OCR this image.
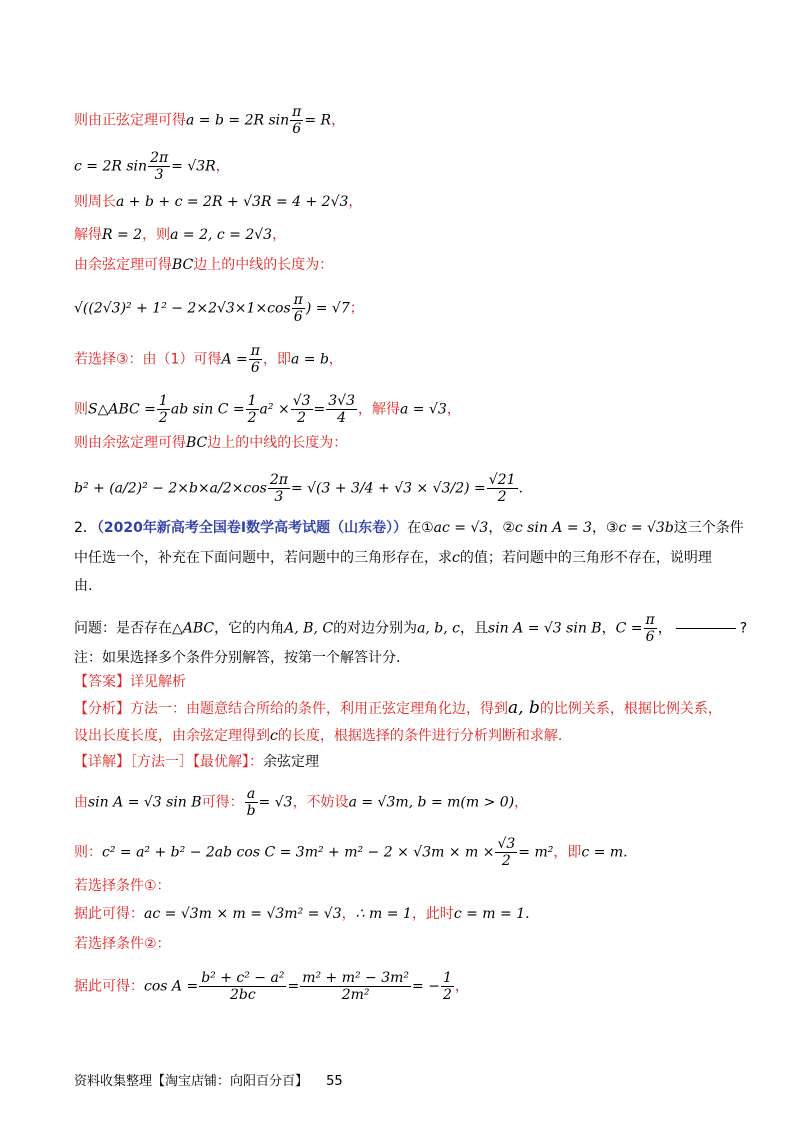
则由正弦定理可得a = b = 2R $\sin \frac{\pi}{6} = R$，
c = 2R $\sin \frac{2\pi}{3} = √3R$，
则周长a + b + c = 2R + √3R = 4 + 2√3，
解得R = 2，则a = 2, c = 2√3，
由余弦定理可得BC边上的中线的长度为：
$√((2√3)^2 + 1^2 - 2\times 2√3\times 1\times\cos \frac{\pi}{6}$ ) = √7；
若选择③：由（1）可得$A = \frac{\pi}{6}$ ，即a = b，
则S△ABC = $\frac{1}{2}$ ab $\sin C = \frac{1}{2} a^2 \times \frac{√3}{2} = \frac{3√3}{4}$ ，解得a = √3，
则由余弦定理可得BC边上的中线的长度为：
$b^2 + (a/2)^2 - 2\times b\times a/2\times\cos \frac{2\pi}{3} = √(3 + 3/4 + √3 \times √3/2) = \frac{√21}{2}$ .
2．（2020年新高考全国卷Ⅰ数学高考试题（山东卷））在①ac = √3，②c sin A = 3，③c = √3b这三个条件
中任选一个，补充在下面问题中，若问题中的三角形存在，求c的值；若问题中的三角形不存在，说明理
由.
问题：是否存在△ABC，它的内角A, B, C的对边分别为a, b, c，且sin A = √3 sin B，$C = \frac{\pi}{6}$ ，	?
注：如果选择多个条件分别解答，按第一个解答计分.
【答案】详见解析
【分析】方法一：由题意结合所给的条件，利用正弦定理角化边，得到a, b的比例关系，根据比例关系，
设出长度长度，由余弦定理得到c的长度，根据选择的条件进行分析判断和求解.
【详解】［方法一］【最优解】：余弦定理
由sin A = √3 sin B可得： $\frac{a}{b} = √3$，不妨设a = √3m, b = m(m > 0)，
则：c² = a² + b² − 2ab $\cos C = 3m^2 + m^2 - 2 \times √3m \times m \times \frac{√3}{2} = m^2$，即c = m.
若选择条件①：
据此可得：ac = √3m × m = √3m² = √3，∴ m = 1，此时c = m = 1.
若选择条件②：
据此可得：$\cos A = \frac{\text{b² + c² − a²}}{2bc} = \frac{\text{m² + m² − 3m²}}{\text{2m²}}$ = − $\frac{1}{2}$ ，
资料收集整理【淘宝店铺：向阳百分百】 55
